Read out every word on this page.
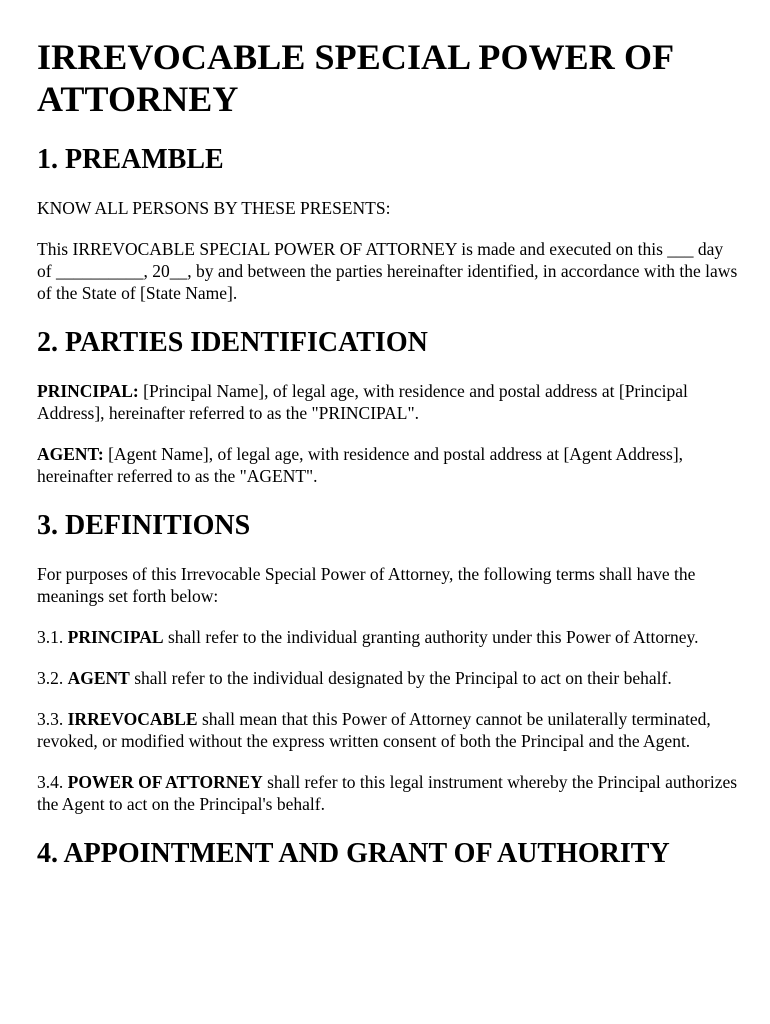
IRREVOCABLE SPECIAL POWER OF ATTORNEY
1. PREAMBLE

KNOW ALL PERSONS BY THESE PRESENTS:

This IRREVOCABLE SPECIAL POWER OF ATTORNEY is made and executed on this ___ day of __________, 20__, by and between the parties hereinafter identified, in accordance with the laws of the State of [State Name].

2. PARTIES IDENTIFICATION

PRINCIPAL: [Principal Name], of legal age, with residence and postal address at [Principal Address], hereinafter referred to as the "PRINCIPAL".

AGENT: [Agent Name], of legal age, with residence and postal address at [Agent Address], hereinafter referred to as the "AGENT".

3. DEFINITIONS

For purposes of this Irrevocable Special Power of Attorney, the following terms shall have the meanings set forth below:

3.1. PRINCIPAL shall refer to the individual granting authority under this Power of Attorney.

3.2. AGENT shall refer to the individual designated by the Principal to act on their behalf.

3.3. IRREVOCABLE shall mean that this Power of Attorney cannot be unilaterally terminated, revoked, or modified without the express written consent of both the Principal and the Agent.

3.4. POWER OF ATTORNEY shall refer to this legal instrument whereby the Principal authorizes the Agent to act on the Principal's behalf.

4. APPOINTMENT AND GRANT OF AUTHORITY
